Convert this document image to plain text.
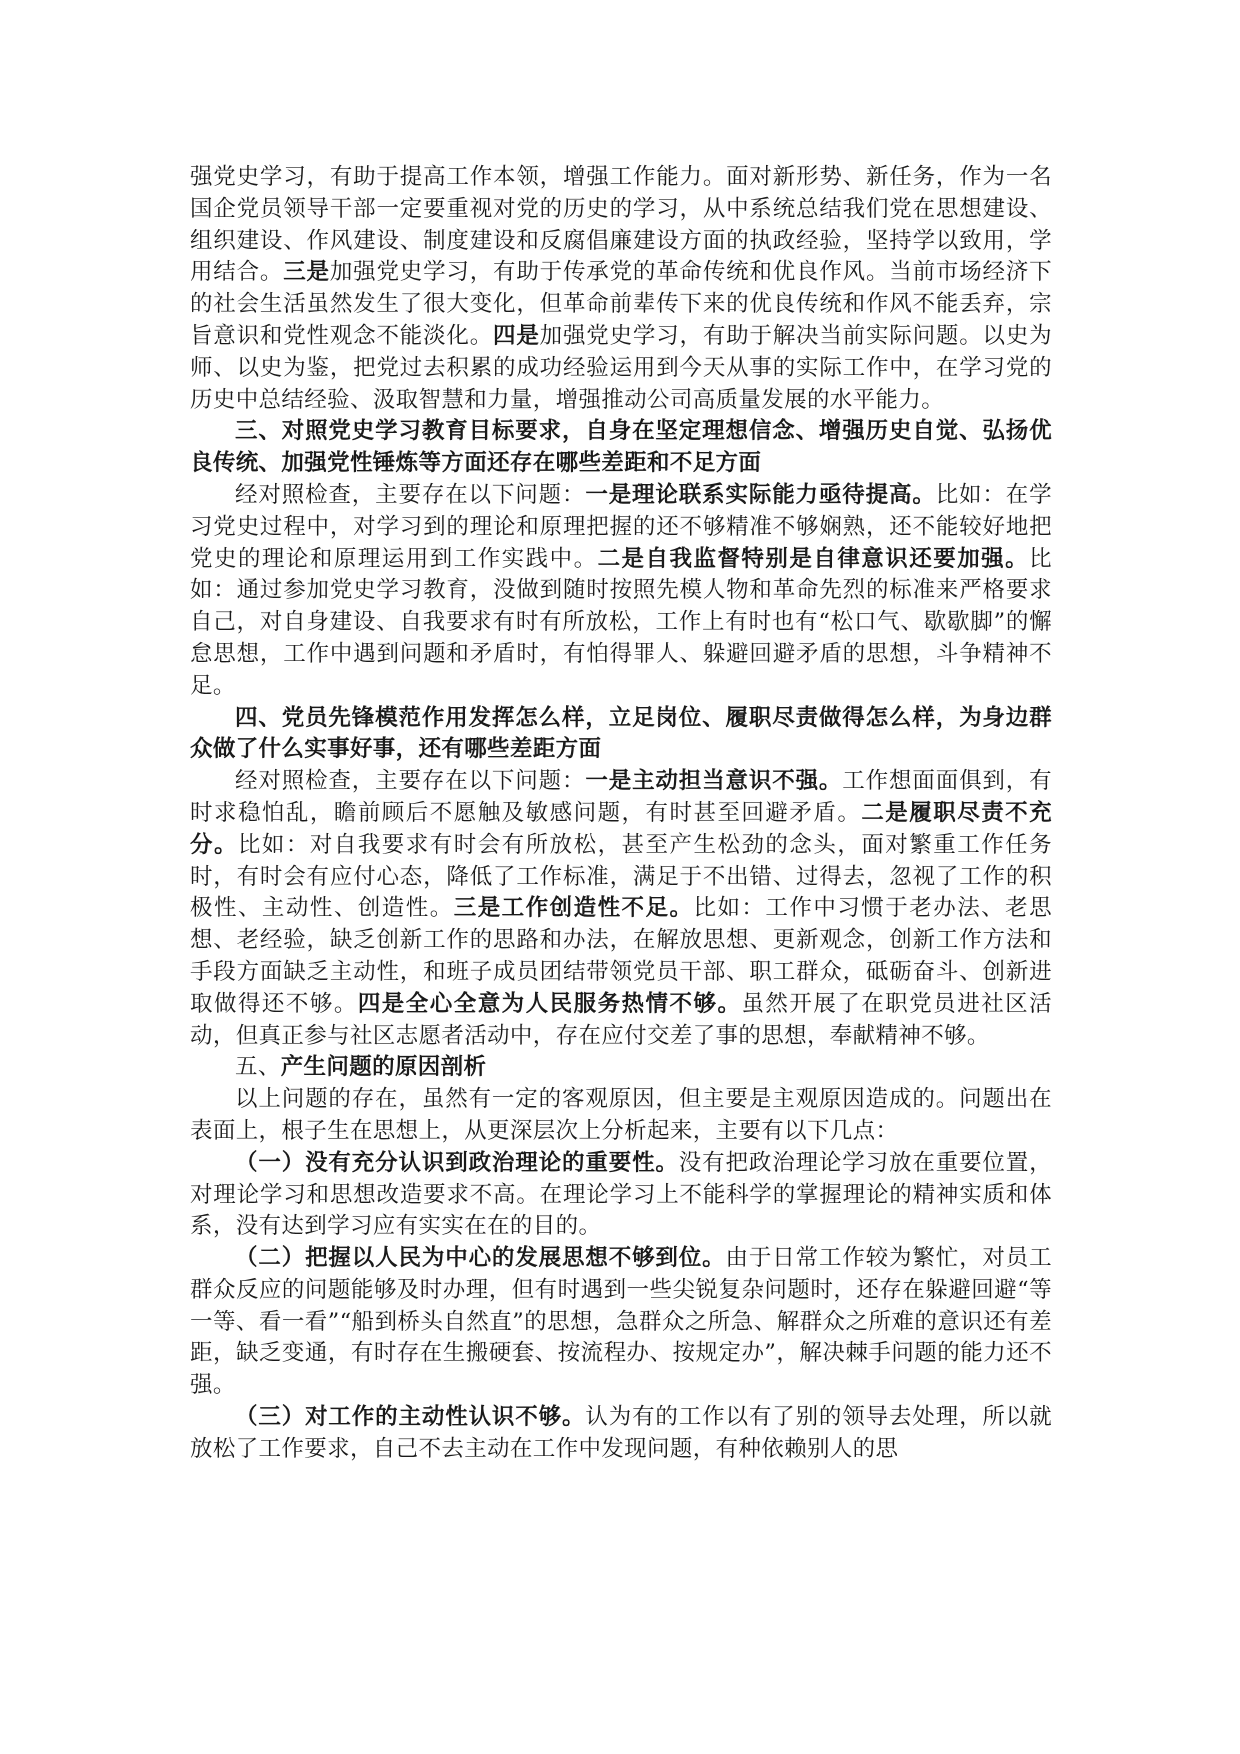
强党史学习，有助于提高工作本领，增强工作能力。面对新形势、新任务，作为一名国企党员领导干部一定要重视对党的历史的学习，从中系统总结我们党在思想建设、组织建设、作风建设、制度建设和反腐倡廉建设方面的执政经验，坚持学以致用，学用结合。三是加强党史学习，有助于传承党的革命传统和优良作风。当前市场经济下的社会生活虽然发生了很大变化，但革命前辈传下来的优良传统和作风不能丢弃，宗旨意识和党性观念不能淡化。四是加强党史学习，有助于解决当前实际问题。以史为师、以史为鉴，把党过去积累的成功经验运用到今天从事的实际工作中，在学习党的历史中总结经验、汲取智慧和力量，增强推动公司高质量发展的水平能力。

三、对照党史学习教育目标要求，自身在坚定理想信念、增强历史自觉、弘扬优良传统、加强党性锤炼等方面还存在哪些差距和不足方面

经对照检查，主要存在以下问题：一是理论联系实际能力亟待提高。比如：在学习党史过程中，对学习到的理论和原理把握的还不够精准不够娴熟，还不能较好地把党史的理论和原理运用到工作实践中。二是自我监督特别是自律意识还要加强。比如：通过参加党史学习教育，没做到随时按照先模人物和革命先烈的标准来严格要求自己，对自身建设、自我要求有时有所放松，工作上有时也有“松口气、歇歇脚”的懈怠思想，工作中遇到问题和矛盾时，有怕得罪人、躲避回避矛盾的思想，斗争精神不足。

四、党员先锋模范作用发挥怎么样，立足岗位、履职尽责做得怎么样，为身边群众做了什么实事好事，还有哪些差距方面

经对照检查，主要存在以下问题：一是主动担当意识不强。工作想面面俱到，有时求稳怕乱，瞻前顾后不愿触及敏感问题，有时甚至回避矛盾。二是履职尽责不充分。比如：对自我要求有时会有所放松，甚至产生松劲的念头，面对繁重工作任务时，有时会有应付心态，降低了工作标准，满足于不出错、过得去，忽视了工作的积极性、主动性、创造性。三是工作创造性不足。比如：工作中习惯于老办法、老思想、老经验，缺乏创新工作的思路和办法，在解放思想、更新观念，创新工作方法和手段方面缺乏主动性，和班子成员团结带领党员干部、职工群众，砥砺奋斗、创新进取做得还不够。四是全心全意为人民服务热情不够。虽然开展了在职党员进社区活动，但真正参与社区志愿者活动中，存在应付交差了事的思想，奉献精神不够。

五、产生问题的原因剖析

以上问题的存在，虽然有一定的客观原因，但主要是主观原因造成的。问题出在表面上，根子生在思想上，从更深层次上分析起来，主要有以下几点：

（一）没有充分认识到政治理论的重要性。没有把政治理论学习放在重要位置，对理论学习和思想改造要求不高。在理论学习上不能科学的掌握理论的精神实质和体系，没有达到学习应有实实在在的目的。

（二）把握以人民为中心的发展思想不够到位。由于日常工作较为繁忙，对员工群众反应的问题能够及时办理，但有时遇到一些尖锐复杂问题时，还存在躲避回避“等一等、看一看”“船到桥头自然直”的思想，急群众之所急、解群众之所难的意识还有差距，缺乏变通，有时存在生搬硬套、按流程办、按规定办”，解决棘手问题的能力还不强。

（三）对工作的主动性认识不够。认为有的工作以有了别的领导去处理，所以就放松了工作要求，自己不去主动在工作中发现问题，有种依赖别人的思
